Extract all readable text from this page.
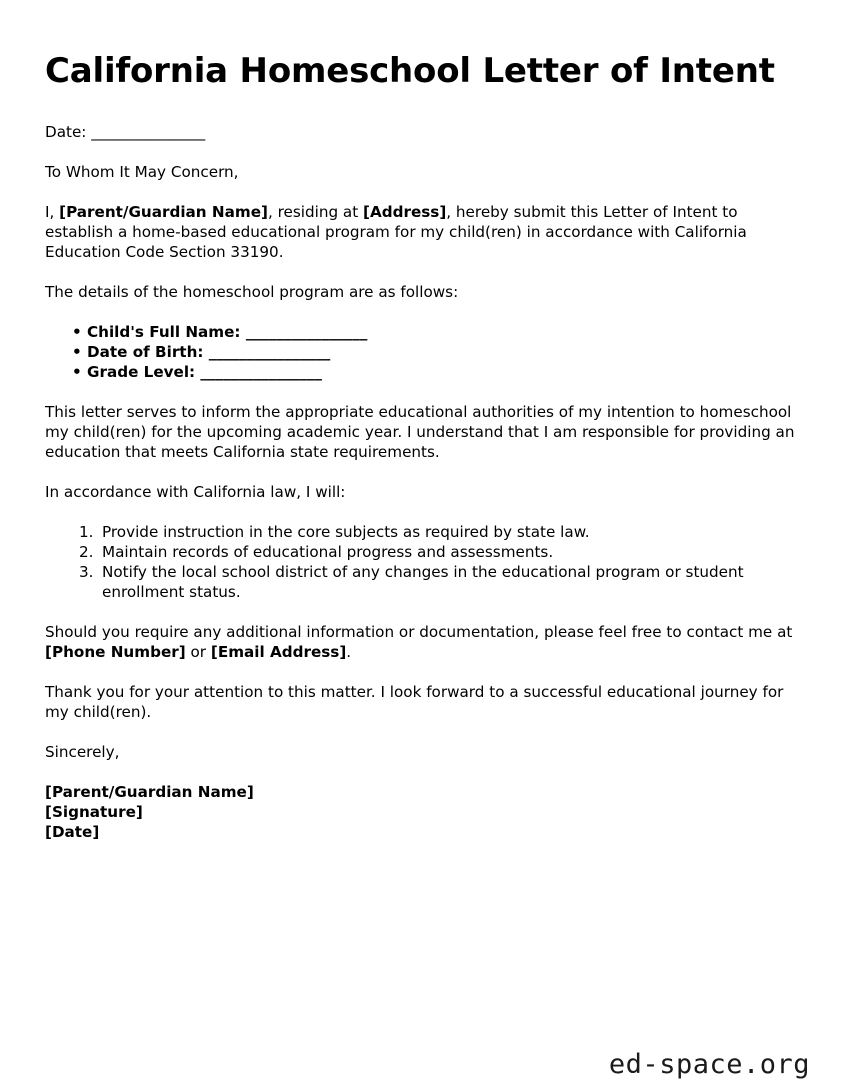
California Homeschool Letter of Intent

Date: _______________

To Whom It May Concern,

I, [Parent/Guardian Name], residing at [Address], hereby submit this Letter of Intent to establish a home-based educational program for my child(ren) in accordance with California Education Code Section 33190.

The details of the homeschool program are as follows:

• Child's Full Name: ________________
• Date of Birth: ________________
• Grade Level: ________________

This letter serves to inform the appropriate educational authorities of my intention to homeschool my child(ren) for the upcoming academic year. I understand that I am responsible for providing an education that meets California state requirements.

In accordance with California law, I will:

Provide instruction in the core subjects as required by state law.
Maintain records of educational progress and assessments.
Notify the local school district of any changes in the educational program or student enrollment status.

Should you require any additional information or documentation, please feel free to contact me at [Phone Number] or [Email Address].

Thank you for your attention to this matter. I look forward to a successful educational journey for my child(ren).

Sincerely,

[Parent/Guardian Name]
[Signature]
[Date]
ed-space.org
